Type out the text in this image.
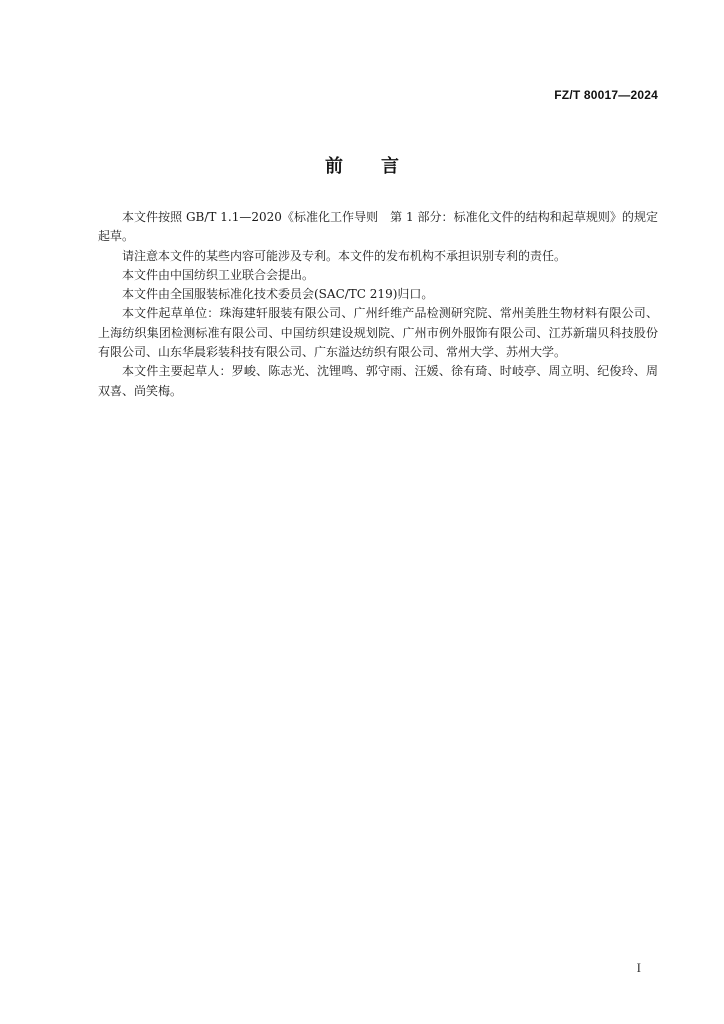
FZ/T 80017—2024
前言

本文件按照 GB/T 1.1—2020《标准化工作导则　第 1 部分：标准化文件的结构和起草规则》的规定起草。

请注意本文件的某些内容可能涉及专利。本文件的发布机构不承担识别专利的责任。

本文件由中国纺织工业联合会提出。

本文件由全国服装标准化技术委员会(SAC/TC 219)归口。

本文件起草单位：珠海建轩服装有限公司、广州纤维产品检测研究院、常州美胜生物材料有限公司、上海纺织集团检测标准有限公司、中国纺织建设规划院、广州市例外服饰有限公司、江苏新瑞贝科技股份有限公司、山东华晨彩装科技有限公司、广东溢达纺织有限公司、常州大学、苏州大学。

本文件主要起草人：罗峻、陈志光、沈锂鸣、郭守雨、汪媛、徐有琦、时岐亭、周立明、纪俊玲、周双喜、尚笑梅。

I
